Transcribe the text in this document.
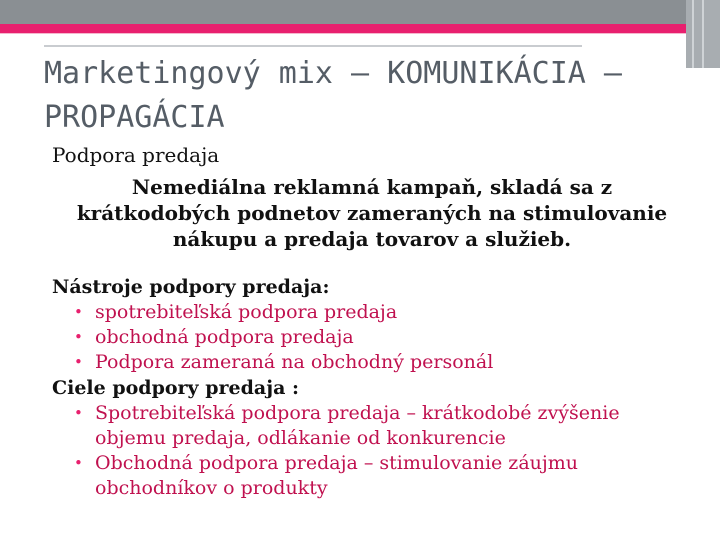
Marketingový mix – KOMUNIKÁCIA – PROPAGÁCIA

Podpora predaja

Nemediálna reklamná kampaň, skladá sa z krátkodobých podnetov zameraných na stimulovanie nákupu a predaja tovarov a služieb.

Nástroje podpory predaja:

• spotrebiteľská podpora predaja
• obchodná podpora predaja
• Podpora zameraná na obchodný personál

Ciele podpory predaja :

• Spotrebiteľská podpora predaja – krátkodobé zvýšenie objemu predaja, odlákanie od konkurencie
• Obchodná podpora predaja – stimulovanie záujmu obchodníkov o produkty
